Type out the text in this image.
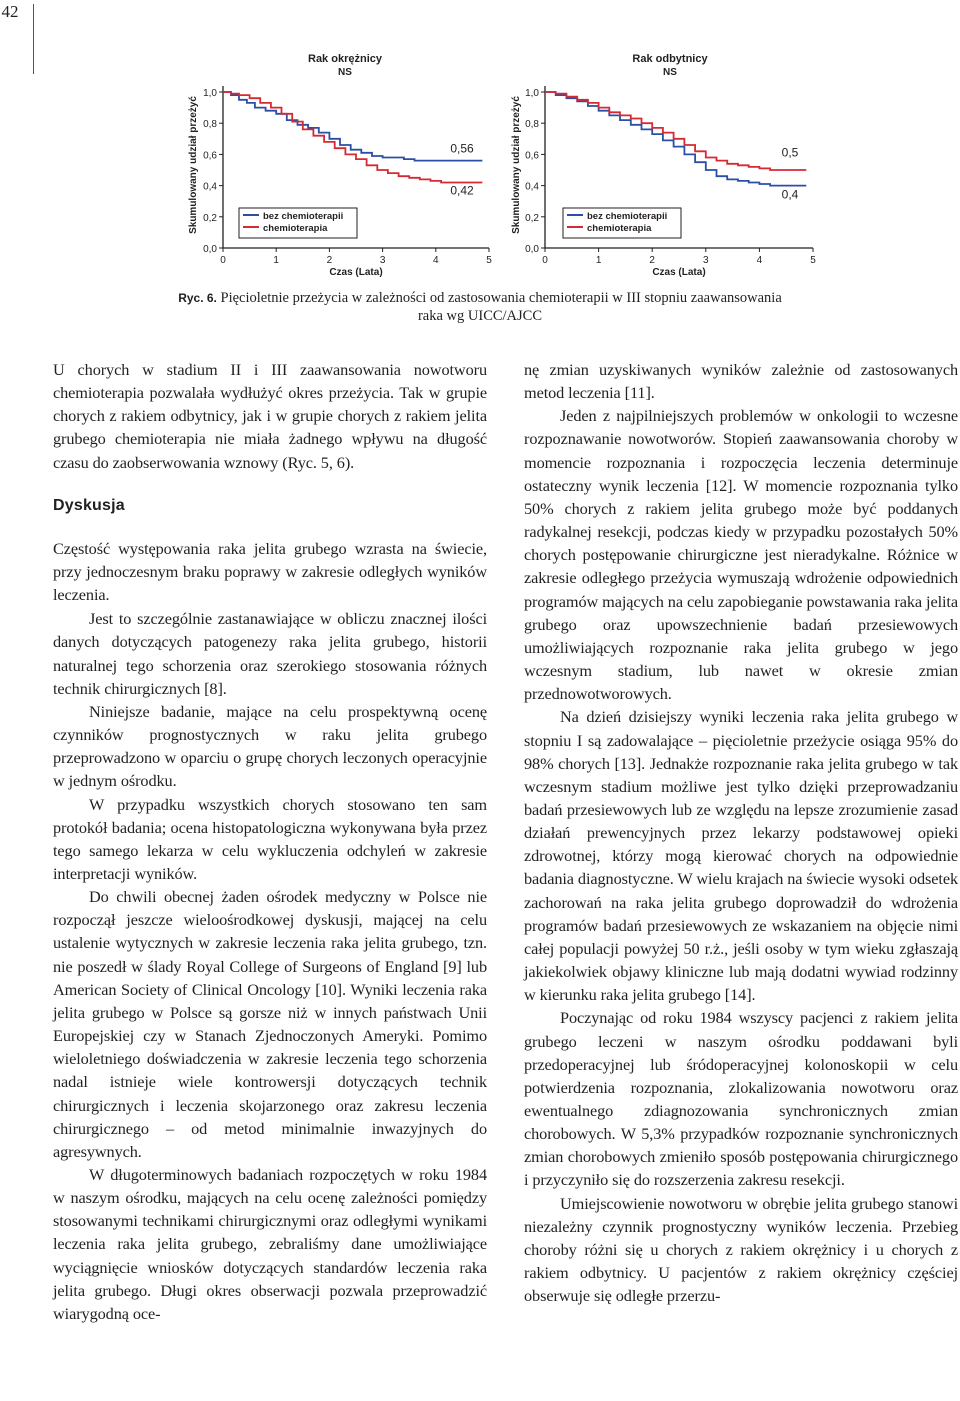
42
Rak okrężnicy
NS
0,0
0,2
0,4
0,6
0,8
1,0
0	1	2	3	4	5
Czas (Lata)
Skumulowany udział przeżyć	0,56
0,42
bez chemioterapii
chemioterapia
Rak odbytnicy
NS
0,0
0,2
0,4
0,6
0,8
1,0
0	1	2	3	4	5
Czas (Lata)
Skumulowany udział przeżyć	0,5
0,4
bez chemioterapii
chemioterapia
Ryc. 6. Pięcioletnie przeżycia w zależności od zastosowania chemioterapii w III stopniu zaawansowania raka wg UICC/AJCC

U chorych w stadium II i III zaawansowania nowotworu chemioterapia pozwalała wydłużyć okres przeżycia. Tak w grupie chorych z rakiem odbytnicy, jak i w grupie chorych z rakiem jelita grubego chemioterapia nie miała żadnego wpływu na długość czasu do zaobserwowania wznowy (Ryc. 5, 6).

Dyskusja

Częstość występowania raka jelita grubego wzrasta na świecie, przy jednoczesnym braku poprawy w zakresie odległych wyników leczenia.

Jest to szczególnie zastanawiające w obliczu znacznej ilości danych dotyczących patogenezy raka jelita grubego, historii naturalnej tego schorzenia oraz szerokiego stosowania różnych technik chirurgicznych [8].

Niniejsze badanie, mające na celu prospektywną ocenę czynników prognostycznych w raku jelita grubego przeprowadzono w oparciu o grupę chorych leczonych operacyjnie w jednym ośrodku.

W przypadku wszystkich chorych stosowano ten sam protokół badania; ocena histopatologiczna wykonywana była przez tego samego lekarza w celu wykluczenia odchyleń w zakresie interpretacji wyników.

Do chwili obecnej żaden ośrodek medyczny w Polsce nie rozpoczął jeszcze wieloośrodkowej dyskusji, mającej na celu ustalenie wytycznych w zakresie leczenia raka jelita grubego, tzn. nie poszedł w ślady Royal College of Surgeons of England [9] lub American Society of Clinical Oncology [10]. Wyniki leczenia raka jelita grubego w Polsce są gorsze niż w innych państwach Unii Europejskiej czy w Stanach Zjednoczonych Ameryki. Pomimo wieloletniego doświadczenia w zakresie leczenia tego schorzenia nadal istnieje wiele kontrowersji dotyczących technik chirurgicznych i leczenia skojarzonego oraz zakresu leczenia chirurgicznego – od metod minimalnie inwazyjnych do agresywnych.

W długoterminowych badaniach rozpoczętych w roku 1984 w naszym ośrodku, mających na celu ocenę zależności pomiędzy stosowanymi technikami chirurgicznymi oraz odległymi wynikami leczenia raka jelita grubego, zebraliśmy dane umożliwiające wyciągnięcie wniosków dotyczących standardów leczenia raka jelita grubego. Długi okres obserwacji pozwala przeprowadzić wiarygodną oce-

nę zmian uzyskiwanych wyników zależnie od zastosowanych metod leczenia [11].

Jeden z najpilniejszych problemów w onkologii to wczesne rozpoznawanie nowotworów. Stopień zaawansowania choroby w momencie rozpoznania i rozpoczęcia leczenia determinuje ostateczny wynik leczenia [12]. W momencie rozpoznania tylko 50% chorych z rakiem jelita grubego może być poddanych radykalnej resekcji, podczas kiedy w przypadku pozostałych 50% chorych postępowanie chirurgiczne jest nieradykalne. Różnice w zakresie odległego przeżycia wymuszają wdrożenie odpowiednich programów mających na celu zapobieganie powstawania raka jelita grubego oraz upowszechnienie badań przesiewowych umożliwiających rozpoznanie raka jelita grubego w jego wczesnym stadium, lub nawet w okresie zmian przednowotworowych.

Na dzień dzisiejszy wyniki leczenia raka jelita grubego w stopniu I są zadowalające – pięcioletnie przeżycie osiąga 95% do 98% chorych [13]. Jednakże rozpoznanie raka jelita grubego w tak wczesnym stadium możliwe jest tylko dzięki przeprowadzaniu badań przesiewowych lub ze względu na lepsze zrozumienie zasad działań prewencyjnych przez lekarzy podstawowej opieki zdrowotnej, którzy mogą kierować chorych na odpowiednie badania diagnostyczne. W wielu krajach na świecie wysoki odsetek zachorowań na raka jelita grubego doprowadził do wdrożenia programów badań przesiewowych ze wskazaniem na objęcie nimi całej populacji powyżej 50 r.ż., jeśli osoby w tym wieku zgłaszają jakiekolwiek objawy kliniczne lub mają dodatni wywiad rodzinny w kierunku raka jelita grubego [14].

Poczynając od roku 1984 wszyscy pacjenci z rakiem jelita grubego leczeni w naszym ośrodku poddawani byli przedoperacyjnej lub śródoperacyjnej kolonoskopii w celu potwierdzenia rozpoznania, zlokalizowania nowotworu oraz ewentualnego zdiagnozowania synchronicznych zmian chorobowych. W 5,3% przypadków rozpoznanie synchronicznych zmian chorobowych zmieniło sposób postępowania chirurgicznego i przyczyniło się do rozszerzenia zakresu resekcji.

Umiejscowienie nowotworu w obrębie jelita grubego stanowi niezależny czynnik prognostyczny wyników leczenia. Przebieg choroby różni się u chorych z rakiem okrężnicy i u chorych z rakiem odbytnicy. U pacjentów z rakiem okrężnicy częściej obserwuje się odległe przerzu-
